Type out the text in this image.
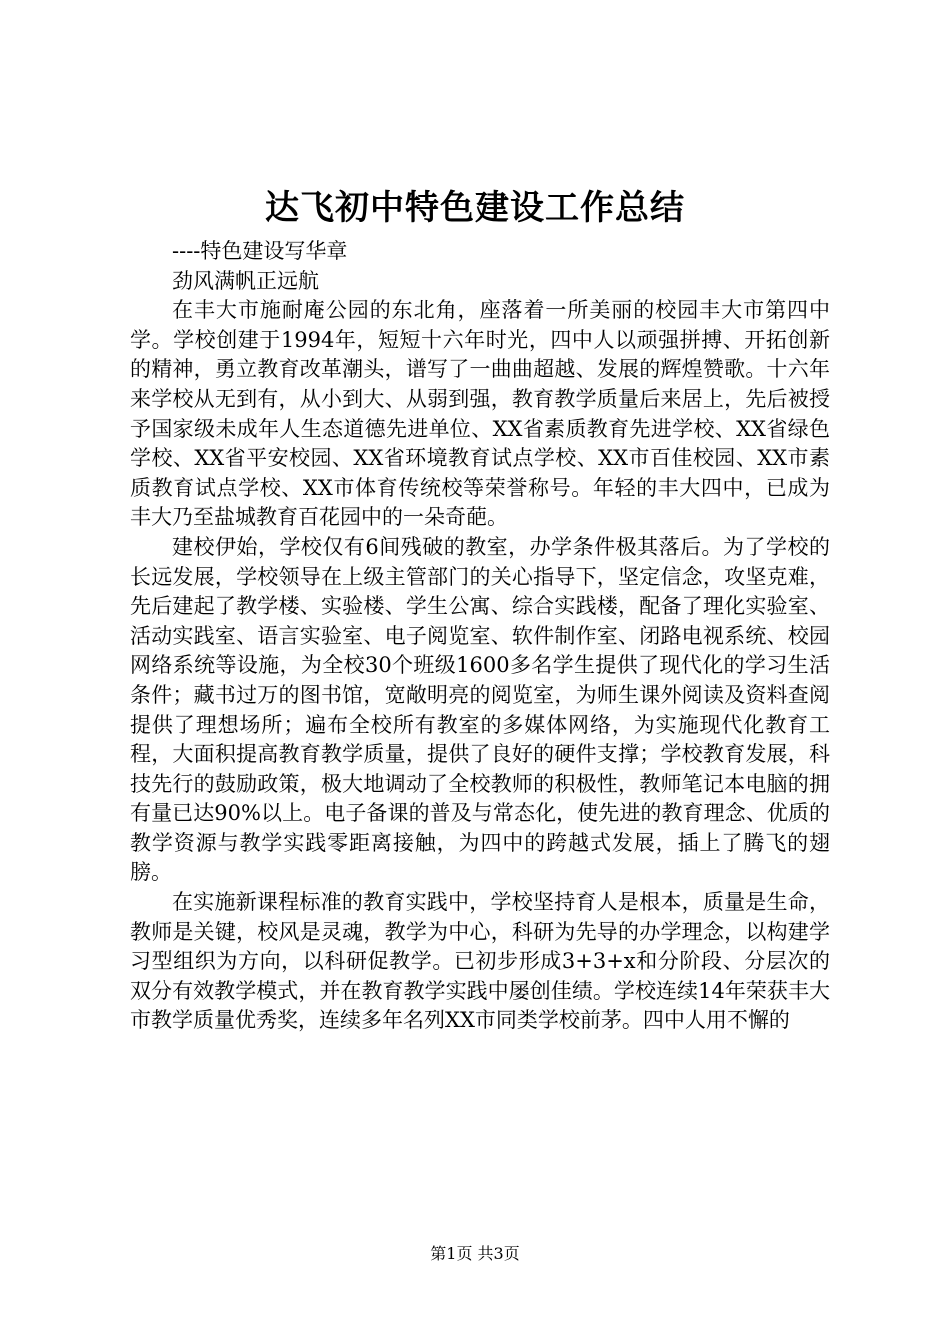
达飞初中特色建设工作总结

----特色建设写华章

劲风满帆正远航

在丰大市施耐庵公园的东北角，座落着一所美丽的校园丰大市第四中学。学校创建于1994年，短短十六年时光，四中人以顽强拼搏、开拓创新的精神，勇立教育改革潮头，谱写了一曲曲超越、发展的辉煌赞歌。十六年来学校从无到有，从小到大、从弱到强，教育教学质量后来居上，先后被授予国家级未成年人生态道德先进单位、XX省素质教育先进学校、XX省绿色学校、XX省平安校园、XX省环境教育试点学校、XX市百佳校园、XX市素质教育试点学校、XX市体育传统校等荣誉称号。年轻的丰大四中，已成为丰大乃至盐城教育百花园中的一朵奇葩。

建校伊始，学校仅有6间残破的教室，办学条件极其落后。为了学校的长远发展，学校领导在上级主管部门的关心指导下，坚定信念，攻坚克难，先后建起了教学楼、实验楼、学生公寓、综合实践楼，配备了理化实验室、活动实践室、语言实验室、电子阅览室、软件制作室、闭路电视系统、校园网络系统等设施，为全校30个班级1600多名学生提供了现代化的学习生活条件；藏书过万的图书馆，宽敞明亮的阅览室，为师生课外阅读及资料查阅提供了理想场所；遍布全校所有教室的多媒体网络，为实施现代化教育工程，大面积提高教育教学质量，提供了良好的硬件支撑；学校教育发展，科技先行的鼓励政策，极大地调动了全校教师的积极性，教师笔记本电脑的拥有量已达90%以上。电子备课的普及与常态化，使先进的教育理念、优质的教学资源与教学实践零距离接触，为四中的跨越式发展，插上了腾飞的翅膀。

在实施新课程标准的教育实践中，学校坚持育人是根本，质量是生命，教师是关键，校风是灵魂，教学为中心，科研为先导的办学理念，以构建学习型组织为方向，以科研促教学。已初步形成3+3+x和分阶段、分层次的双分有效教学模式，并在教育教学实践中屡创佳绩。学校连续14年荣获丰大市教学质量优秀奖，连续多年名列XX市同类学校前茅。四中人用不懈的

第1页 共3页
